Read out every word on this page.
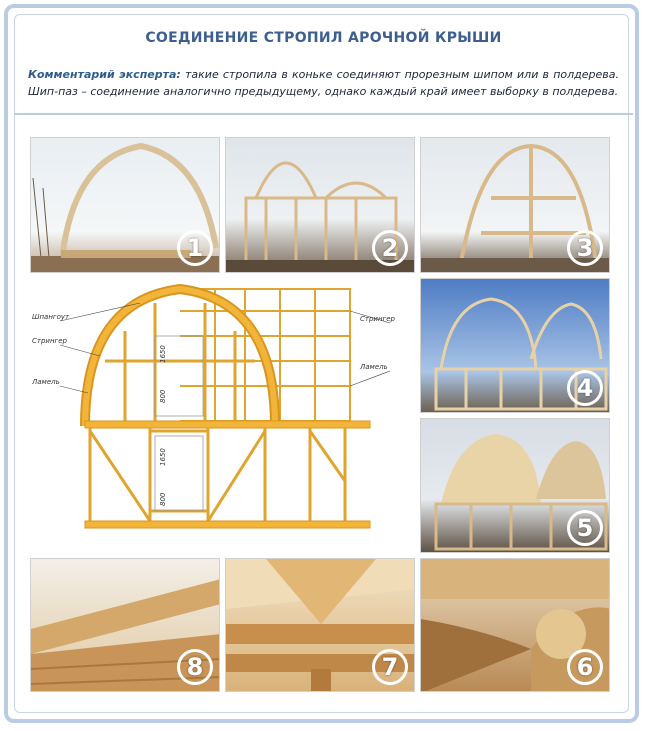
СОЕДИНЕНИЕ СТРОПИЛ АРОЧНОЙ КРЫШИ
Комментарий эксперта: такие стропила в коньке соединяют прорезным шипом или в полдерева. Шип-паз – соединение аналогично предыдущему, однако каждый край имеет выборку в полдерева.
1	2	3
1650
800
1650
800
Шпангоут
Стрингер
Ламель
Стрингер
Ламель
4
5
8	7	6
